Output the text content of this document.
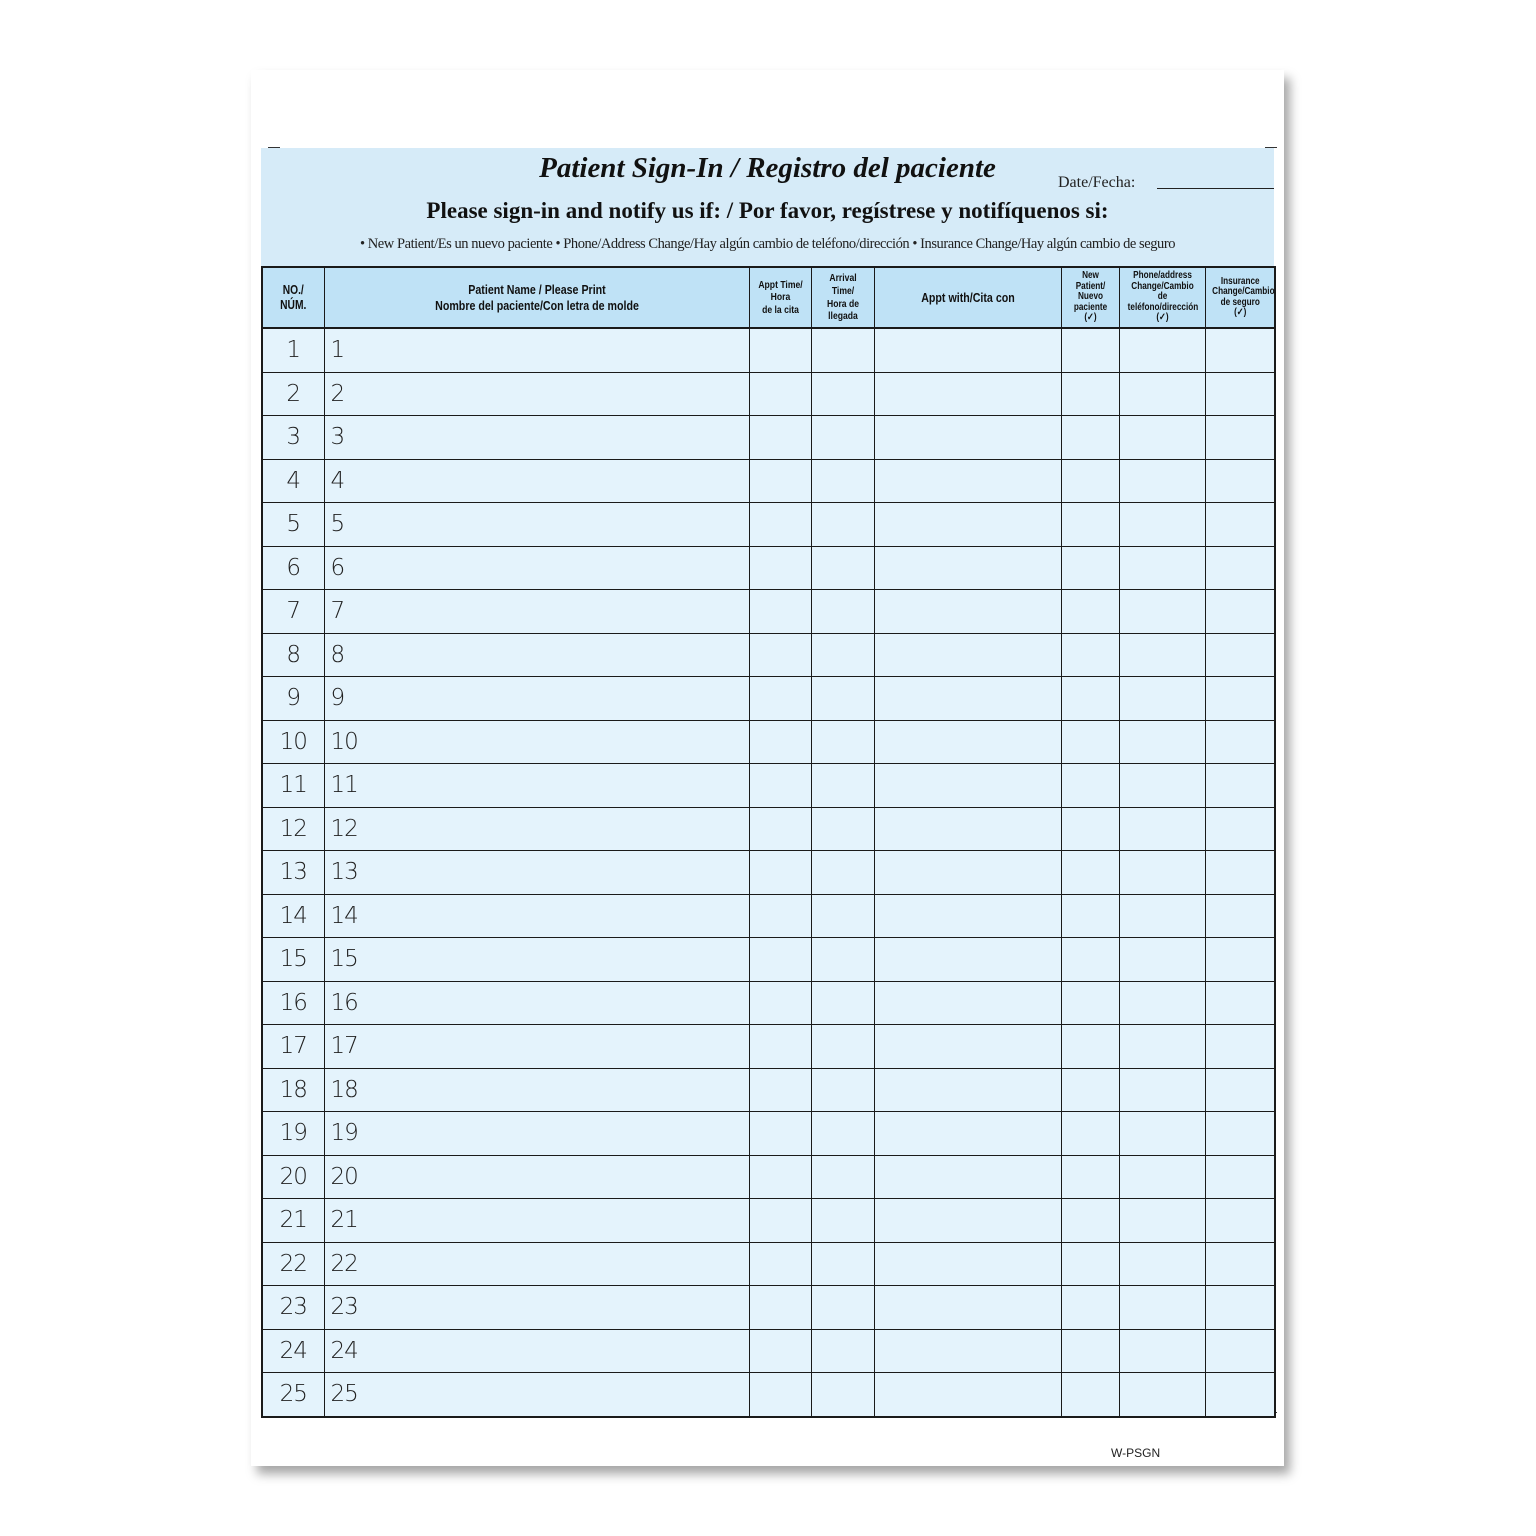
Patient Sign-In / Registro del paciente	Date/Fecha:
Please sign-in and notify us if: / Por favor, regístrese y notifíquenos si:
• New Patient/Es un nuevo paciente • Phone/Address Change/Hay algún cambio de teléfono/dirección • Insurance Change/Hay algún cambio de seguro
NO./
NÚM.	Patient Name / Please Print
Nombre del paciente/Con letra de molde	Appt Time/
Hora
de la cita	Arrival Time/
Hora de
llegada	Appt with/Cita con	New
Patient/
Nuevo
paciente
(✓)	Phone/address
Change/Cambio de
teléfono/dirección
(✓)	Insurance
Change/Cambio
de seguro
(✓)

1	1						
2	2						
3	3						
4	4						
5	5						
6	6						
7	7						
8	8						
9	9						
10	10						
11	11						
12	12						
13	13						
14	14						
15	15						
16	16						
17	17						
18	18						
19	19						
20	20						
21	21						
22	22						
23	23						
24	24						
25	25						
W-PSGN
